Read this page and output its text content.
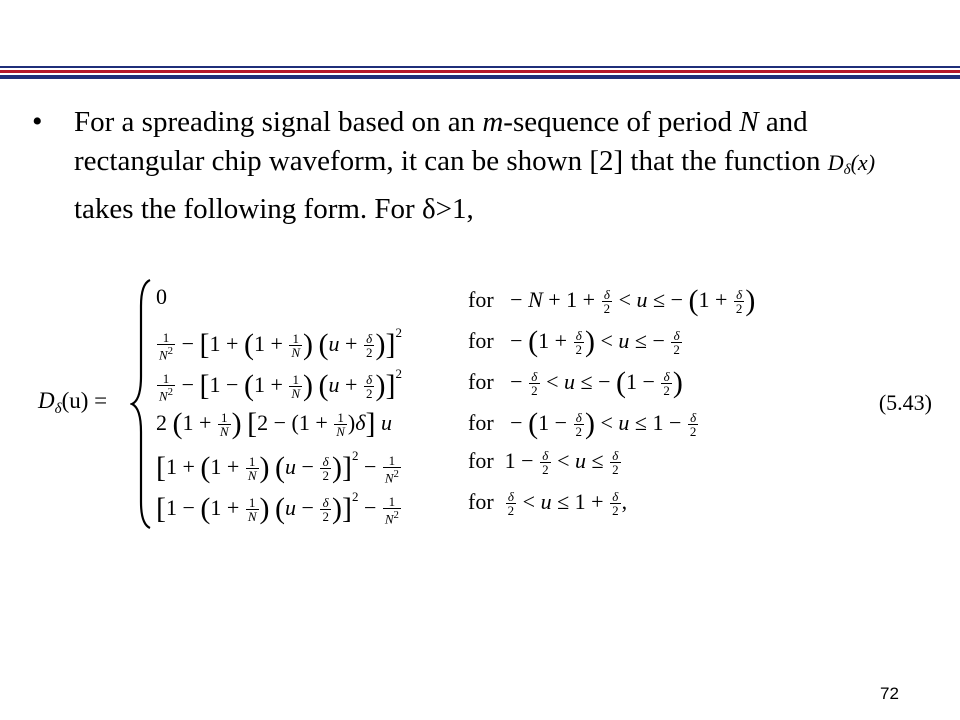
• For a spreading signal based on an m-sequence of period N and rectangular chip waveform, it can be shown [2] that the function $D_\delta(x)takes$ the following form. For δ>1,
$D_\delta(u)$ =
0	for   − $N + 1 + \frac{\delta}{2} < u$ ≤ − ($1 + \frac{\delta}{2}$ )
$\frac{1}{N^2} - [1 + (1 + \frac{1}{N}$ ) $(u + \frac{\delta}{2} )]^2$	for   − ($1 + \frac{\delta}{2}$ ) < u ≤ − $\frac{\delta}{2}$
$\frac{1}{N^2} - [1 - (1 + \frac{1}{N}$ ) $(u + \frac{\delta}{2} )]^2$	for   − $\frac{\delta}{2} < u$ ≤ − ($1 - \frac{\delta}{2}$ )
2 ($1 + \frac{1}{N}$ ) $[2 - (1 + \frac{1}{N} )\delta]$ u	for   − ($1 - \frac{\delta}{2}$ ) < $u \le 1 - \frac{\delta}{2}$
[$1 + (1 + \frac{1}{N}$ ) $(u - \frac{\delta}{2} )]^2 - \frac{1}{N^2}$	for  $1 - \frac{\delta}{2} < u \le \frac{\delta}{2}$
[$1 - (1 + \frac{1}{N}$ ) $(u - \frac{\delta}{2} )]^2 - \frac{1}{N^2}$	for $\frac{\delta}{2} < u \le 1 + \frac{\delta}{2}$ ,
(5.43)
72
